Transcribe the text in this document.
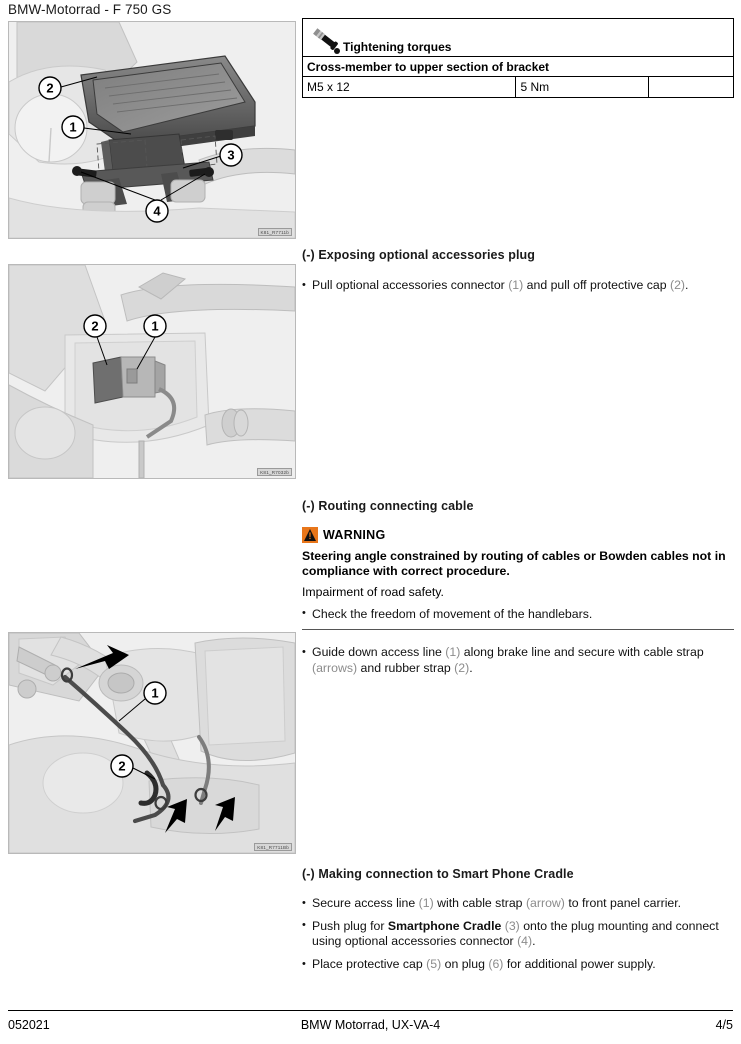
BMW-Motorrad - F 750 GS
2
1
3
4
K81_R7711b
2	1
K81_R7032b
1
2
K81_R7711Bb
Tightening torques
Cross-member to upper section of bracket
M5 x 12	5 Nm	
(-) Exposing optional accessories plug
• Pull optional accessories connector (1) and pull off protective cap (2).
(-) Routing connecting cable
! WARNING

Steering angle constrained by routing of cables or Bowden cables not in compliance with correct procedure.

Impairment of road safety.

• Check the freedom of movement of the handlebars.
• Guide down access line (1) along brake line and secure with cable strap (arrows) and rubber strap (2).
(-) Making connection to Smart Phone Cradle
• Secure access line (1) with cable strap (arrow) to front panel carrier.
• Push plug for Smartphone Cradle (3) onto the plug mounting and connect using optional accessories connector (4).
• Place protective cap (5) on plug (6) for additional power supply.
052021	BMW Motorrad, UX-VA-4	4/5
